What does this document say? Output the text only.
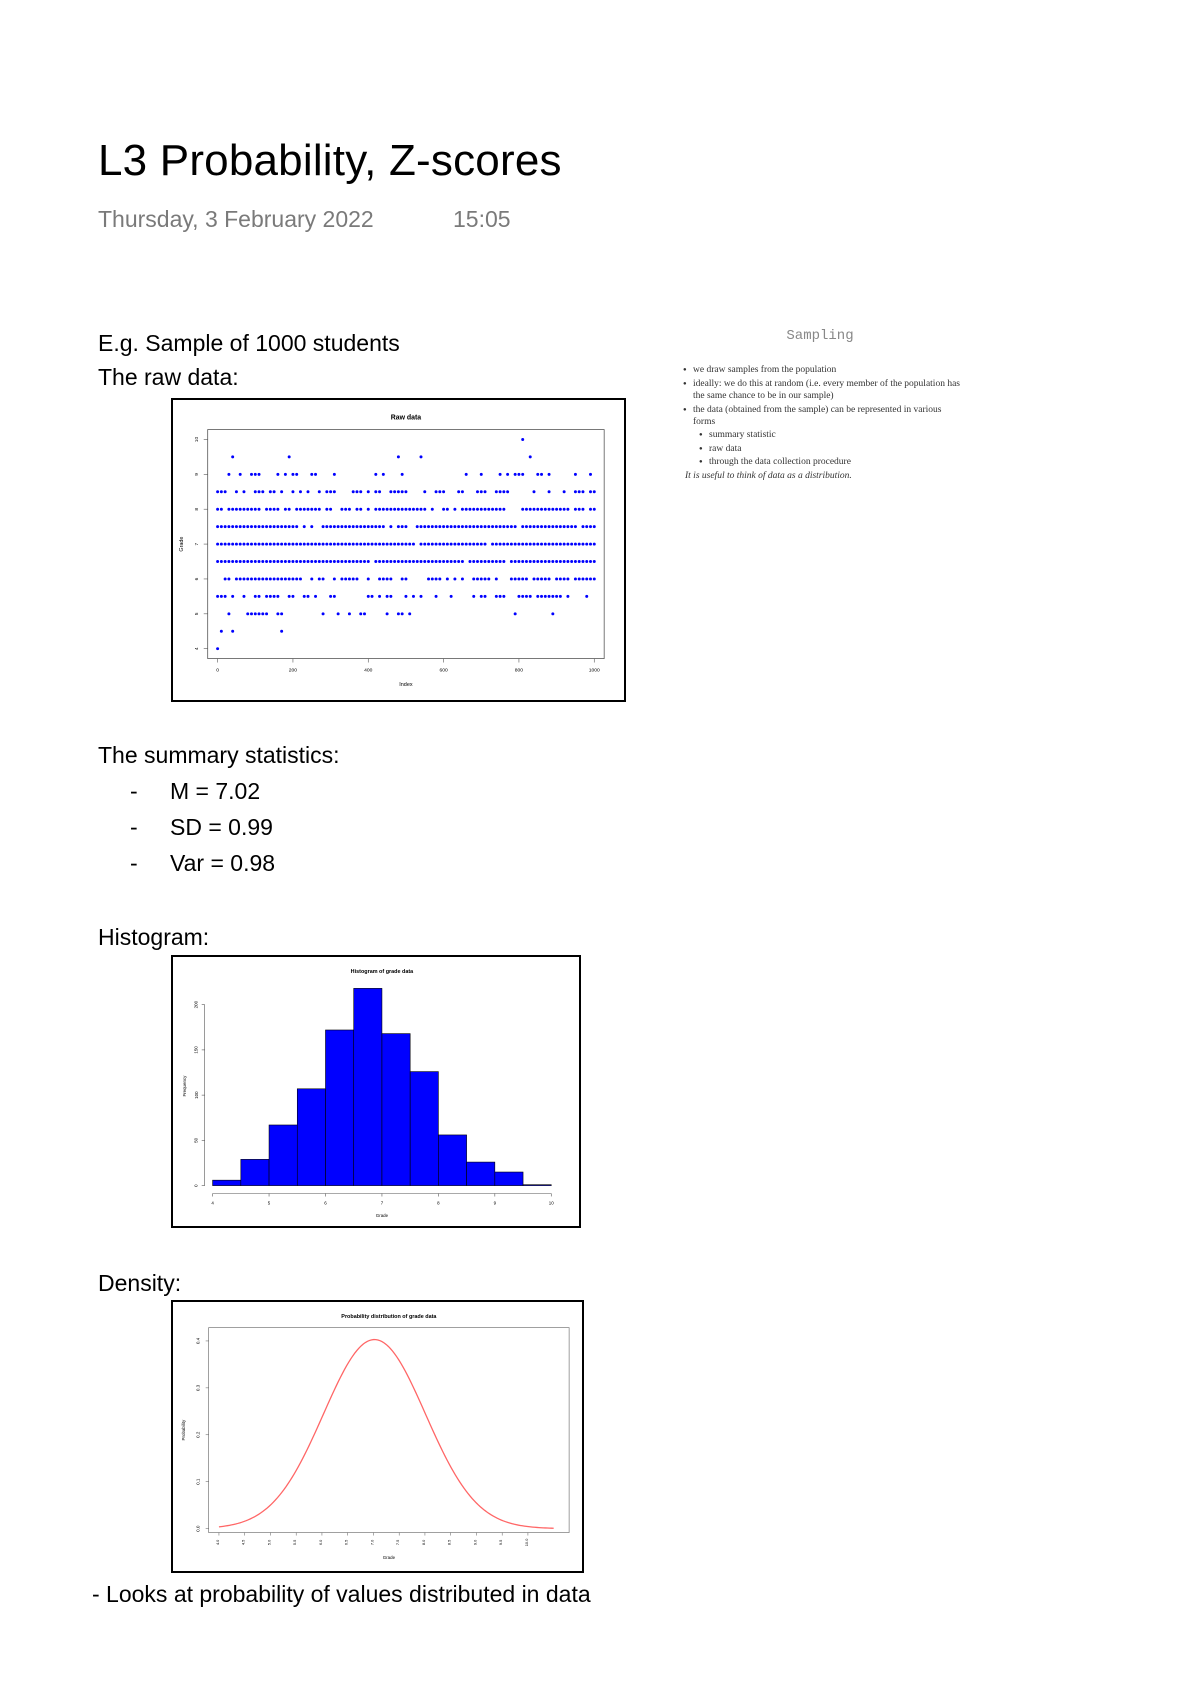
L3 Probability, Z-scores
Thursday, 3 February 2022	15:05
E.g. Sample of 1000 students
The raw data:
Raw data
0	200	400	600	800	1000
4
5
6
7
8
9
10
Index
Grade
The summary statistics:
- M = 7.02
- SD = 0.99
- Var = 0.98
Histogram:
Histogram of grade data
4	5	6	7	8	9	10
0
50
100
150
200
Grade
Frequency
Density:
Probability distribution of grade data
4.0	4.5	5.0	5.5	6.0	6.5	7.0	7.5	8.0	8.5	9.0	9.5	10.0
0.0
0.1
0.2
0.3
0.4
Grade
Probability
- Looks at probability of values distributed in data
Sampling
● we draw samples from the population
● ideally: we do this at random (i.e. every member of the population has the same chance to be in our sample)
● the data (obtained from the sample) can be represented in various forms
● summary statistic
● raw data
● through the data collection procedure
It is useful to think of data as a distribution.
